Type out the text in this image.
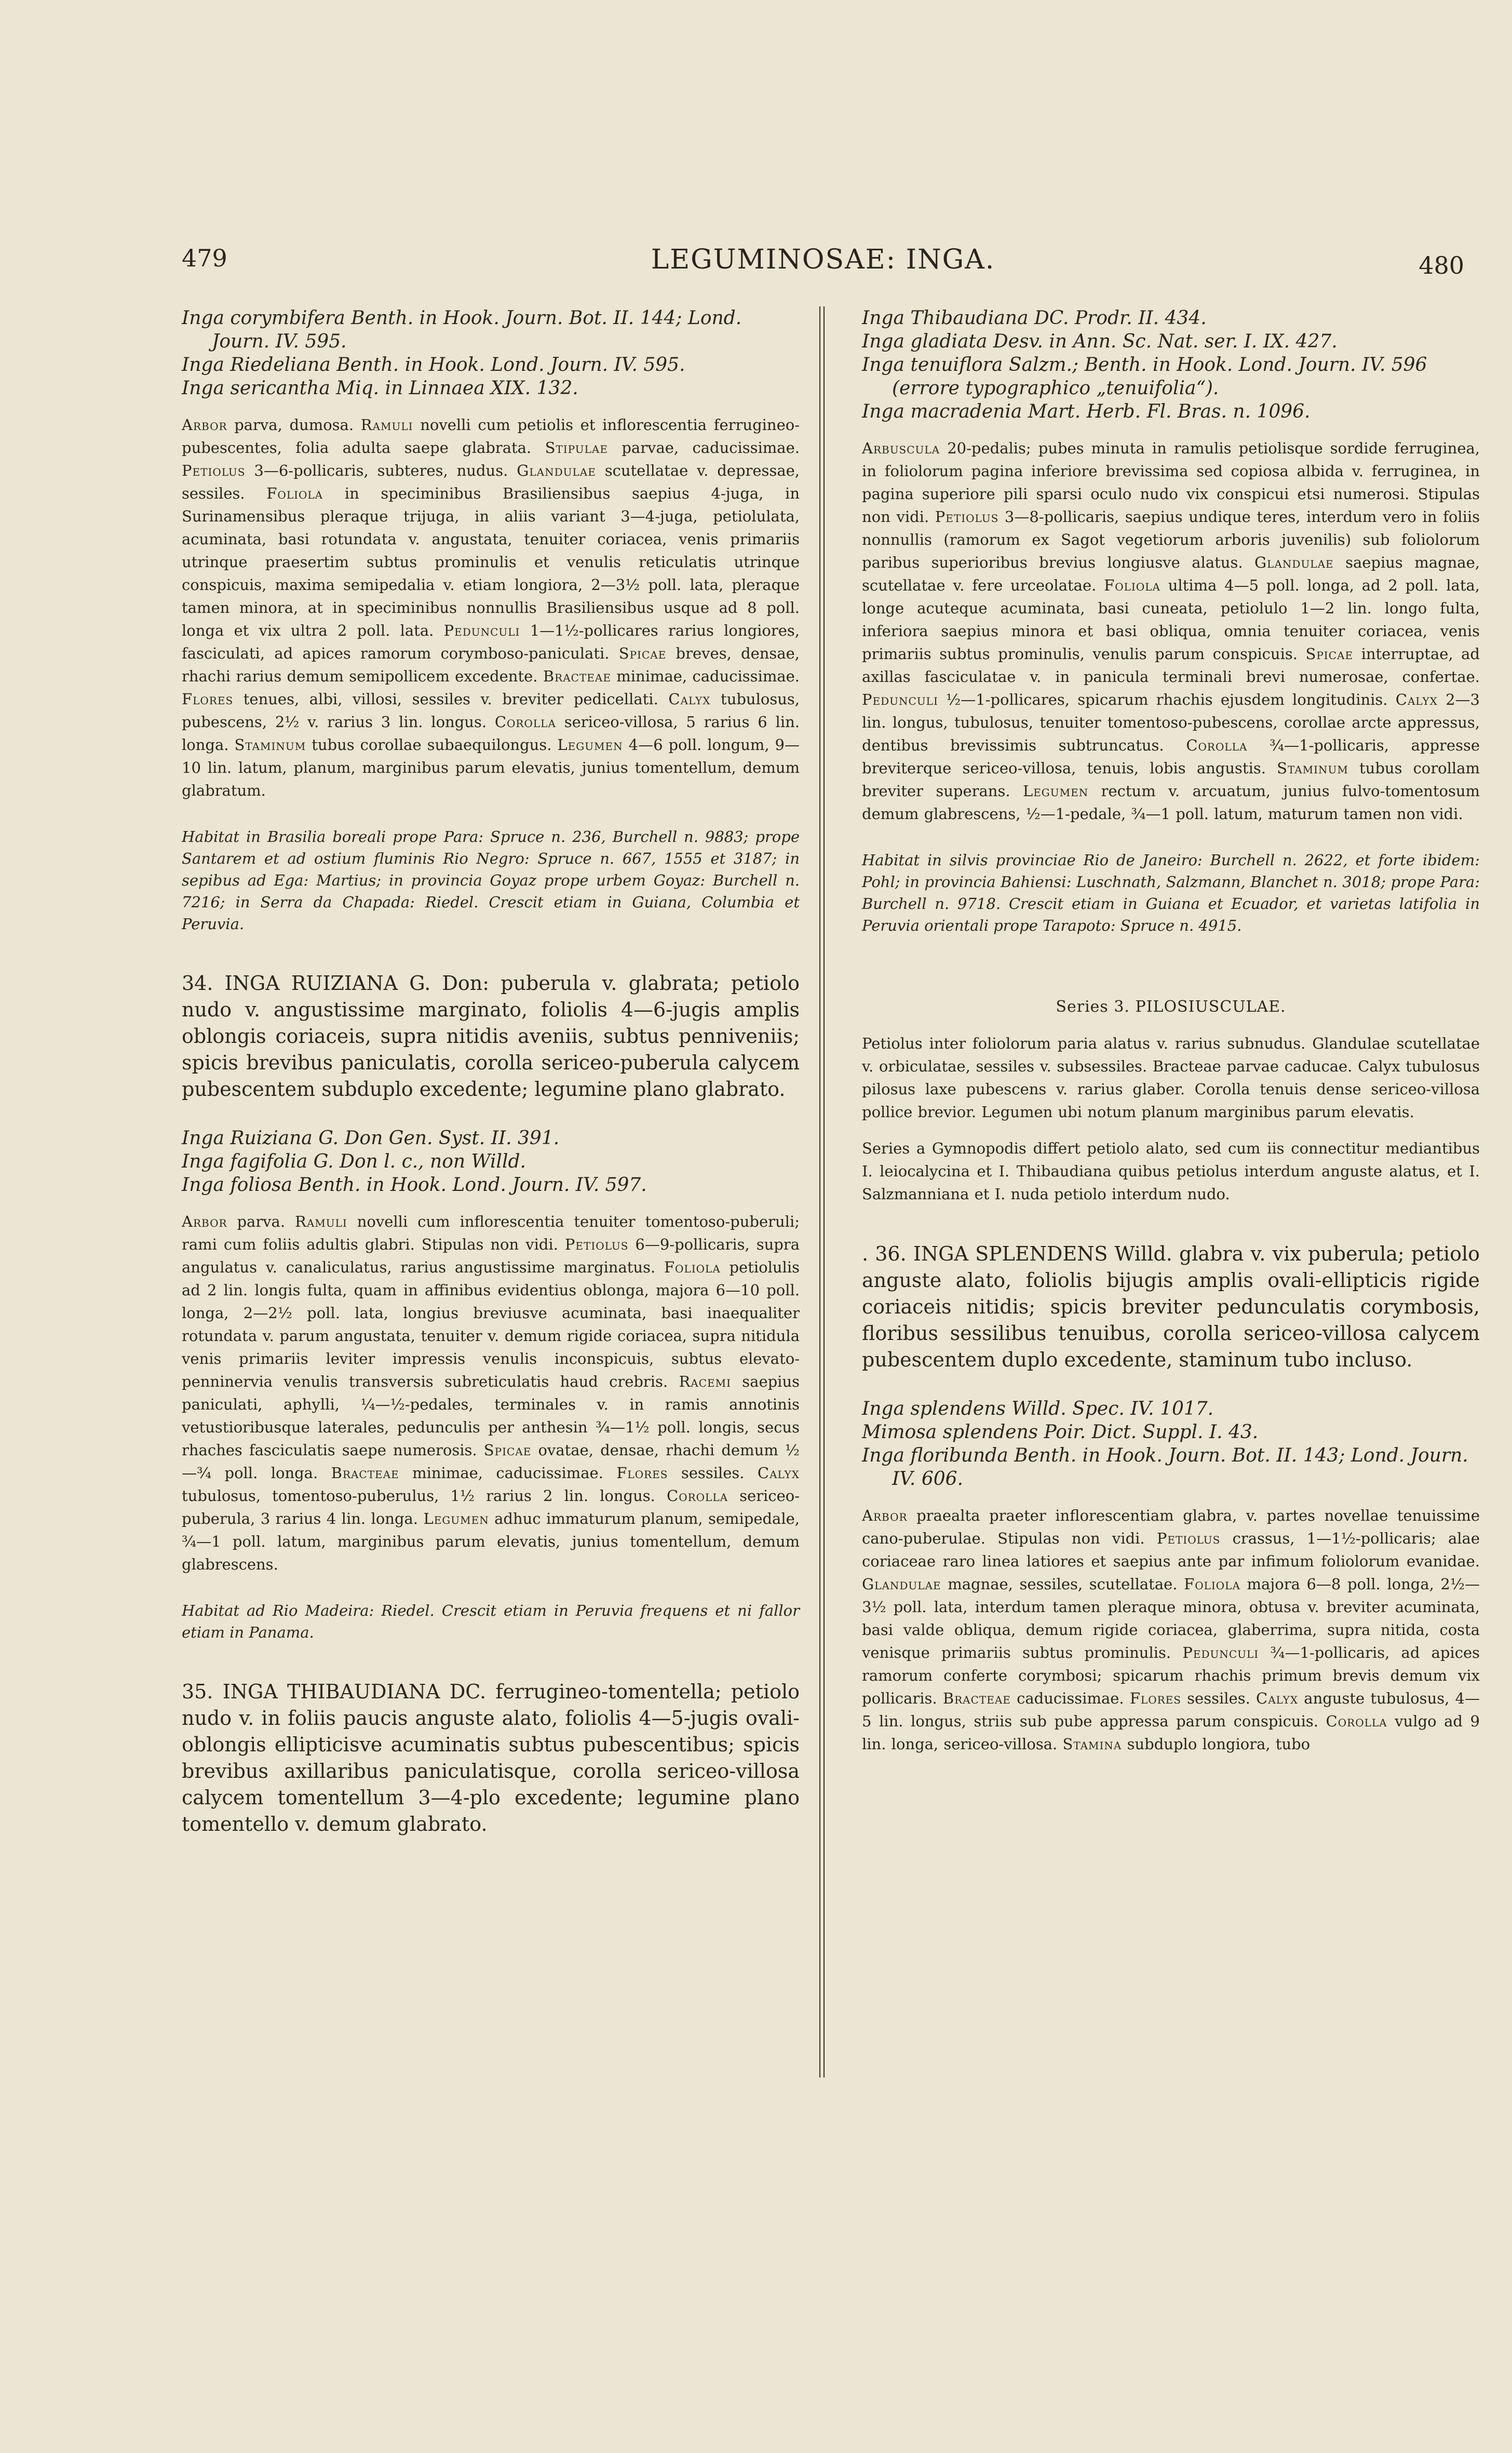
479	LEGUMINOSAE: INGA.	480
Inga corymbifera Benth. in Hook. Journ. Bot. II. 144; Lond. Journ. IV. 595.
Inga Riedeliana Benth. in Hook. Lond. Journ. IV. 595.
Inga sericantha Miq. in Linnaea XIX. 132.

Arbor parva, dumosa. Ramuli novelli cum petiolis et inflorescentia ferrugineo-pubescentes, folia adulta saepe glabrata. Stipulae parvae, caducissimae. Petiolus 3—6-pollicaris, subteres, nudus. Glandulae scutellatae v. depressae, sessiles. Foliola in speciminibus Brasiliensibus saepius 4-juga, in Surinamensibus pleraque trijuga, in aliis variant 3—4-juga, petiolulata, acuminata, basi rotundata v. angustata, tenuiter coriacea, venis primariis utrinque praesertim subtus prominulis et venulis reticulatis utrinque conspicuis, maxima semipedalia v. etiam longiora, 2—3½ poll. lata, pleraque tamen minora, at in speciminibus nonnullis Brasiliensibus usque ad 8 poll. longa et vix ultra 2 poll. lata. Pedunculi 1—1½-pollicares rarius longiores, fasciculati, ad apices ramorum corymboso-paniculati. Spicae breves, densae, rhachi rarius demum semipollicem excedente. Bracteae minimae, caducissimae. Flores tenues, albi, villosi, sessiles v. breviter pedicellati. Calyx tubulosus, pubescens, 2½ v. rarius 3 lin. longus. Corolla sericeo-villosa, 5 rarius 6 lin. longa. Staminum tubus corollae subaequilongus. Legumen 4—6 poll. longum, 9—10 lin. latum, planum, marginibus parum elevatis, junius tomentellum, demum glabratum.

Habitat in Brasilia boreali prope Para: Spruce n. 236, Burchell n. 9883; prope Santarem et ad ostium fluminis Rio Negro: Spruce n. 667, 1555 et 3187; in sepibus ad Ega: Martius; in provincia Goyaz prope urbem Goyaz: Burchell n. 7216; in Serra da Chapada: Riedel. Crescit etiam in Guiana, Columbia et Peruvia.

34. INGA RUIZIANA G. Don: puberula v. glabrata; petiolo nudo v. angustissime marginato, foliolis 4—6-jugis amplis oblongis coriaceis, supra nitidis aveniis, subtus penniveniis; spicis brevibus paniculatis, corolla sericeo-puberula calycem pubescentem subduplo excedente; legumine plano glabrato.

Inga Ruiziana G. Don Gen. Syst. II. 391.
Inga fagifolia G. Don l. c., non Willd.
Inga foliosa Benth. in Hook. Lond. Journ. IV. 597.

Arbor parva. Ramuli novelli cum inflorescentia tenuiter tomentoso-puberuli; rami cum foliis adultis glabri. Stipulas non vidi. Petiolus 6—9-pollicaris, supra angulatus v. canaliculatus, rarius angustissime marginatus. Foliola petiolulis ad 2 lin. longis fulta, quam in affinibus evidentius oblonga, majora 6—10 poll. longa, 2—2½ poll. lata, longius breviusve acuminata, basi inaequaliter rotundata v. parum angustata, tenuiter v. demum rigide coriacea, supra nitidula venis primariis leviter impressis venulis inconspicuis, subtus elevato-penninervia venulis transversis subreticulatis haud crebris. Racemi saepius paniculati, aphylli, ¼—½-pedales, terminales v. in ramis annotinis vetustioribusque laterales, pedunculis per anthesin ¾—1½ poll. longis, secus rhaches fasciculatis saepe numerosis. Spicae ovatae, densae, rhachi demum ½—¾ poll. longa. Bracteae minimae, caducissimae. Flores sessiles. Calyx tubulosus, tomentoso-puberulus, 1½ rarius 2 lin. longus. Corolla sericeo-puberula, 3 rarius 4 lin. longa. Legumen adhuc immaturum planum, semipedale, ¾—1 poll. latum, marginibus parum elevatis, junius tomentellum, demum glabrescens.

Habitat ad Rio Madeira: Riedel. Crescit etiam in Peruvia frequens et ni fallor etiam in Panama.

35. INGA THIBAUDIANA DC. ferrugineo-tomentella; petiolo nudo v. in foliis paucis anguste alato, foliolis 4—5-jugis ovali-oblongis ellipticisve acuminatis subtus pubescentibus; spicis brevibus axillaribus paniculatisque, corolla sericeo-villosa calycem tomentellum 3—4-plo excedente; legumine plano tomentello v. demum glabrato.

Inga Thibaudiana DC. Prodr. II. 434.
Inga gladiata Desv. in Ann. Sc. Nat. ser. I. IX. 427.
Inga tenuiflora Salzm.; Benth. in Hook. Lond. Journ. IV. 596 (errore typographico „tenuifolia“).
Inga macradenia Mart. Herb. Fl. Bras. n. 1096.

Arbuscula 20-pedalis; pubes minuta in ramulis petiolisque sordide ferruginea, in foliolorum pagina inferiore brevissima sed copiosa albida v. ferruginea, in pagina superiore pili sparsi oculo nudo vix conspicui etsi numerosi. Stipulas non vidi. Petiolus 3—8-pollicaris, saepius undique teres, interdum vero in foliis nonnullis (ramorum ex Sagot vegetiorum arboris juvenilis) sub foliolorum paribus superioribus brevius longiusve alatus. Glandulae saepius magnae, scutellatae v. fere urceolatae. Foliola ultima 4—5 poll. longa, ad 2 poll. lata, longe acuteque acuminata, basi cuneata, petiolulo 1—2 lin. longo fulta, inferiora saepius minora et basi obliqua, omnia tenuiter coriacea, venis primariis subtus prominulis, venulis parum conspicuis. Spicae interruptae, ad axillas fasciculatae v. in panicula terminali brevi numerosae, confertae. Pedunculi ½—1-pollicares, spicarum rhachis ejusdem longitudinis. Calyx 2—3 lin. longus, tubulosus, tenuiter tomentoso-pubescens, corollae arcte appressus, dentibus brevissimis subtruncatus. Corolla ¾—1-pollicaris, appresse breviterque sericeo-villosa, tenuis, lobis angustis. Staminum tubus corollam breviter superans. Legumen rectum v. arcuatum, junius fulvo-tomentosum demum glabrescens, ½—1-pedale, ¾—1 poll. latum, maturum tamen non vidi.

Habitat in silvis provinciae Rio de Janeiro: Burchell n. 2622, et forte ibidem: Pohl; in provincia Bahiensi: Luschnath, Salzmann, Blanchet n. 3018; prope Para: Burchell n. 9718. Crescit etiam in Guiana et Ecuador, et varietas latifolia in Peruvia orientali prope Tarapoto: Spruce n. 4915.

Series 3. PILOSIUSCULAE.

Petiolus inter foliolorum paria alatus v. rarius subnudus. Glandulae scutellatae v. orbiculatae, sessiles v. subsessiles. Bracteae parvae caducae. Calyx tubulosus pilosus laxe pubescens v. rarius glaber. Corolla tenuis dense sericeo-villosa pollice brevior. Legumen ubi notum planum marginibus parum elevatis.

Series a Gymnopodis differt petiolo alato, sed cum iis connectitur mediantibus I. leiocalycina et I. Thibaudiana quibus petiolus interdum anguste alatus, et I. Salzmanniana et I. nuda petiolo interdum nudo.

. 36. INGA SPLENDENS Willd. glabra v. vix puberula; petiolo anguste alato, foliolis bijugis amplis ovali-ellipticis rigide coriaceis nitidis; spicis breviter pedunculatis corymbosis, floribus sessilibus tenuibus, corolla sericeo-villosa calycem pubescentem duplo excedente, staminum tubo incluso.

Inga splendens Willd. Spec. IV. 1017.
Mimosa splendens Poir. Dict. Suppl. I. 43.
Inga floribunda Benth. in Hook. Journ. Bot. II. 143; Lond. Journ. IV. 606.

Arbor praealta praeter inflorescentiam glabra, v. partes novellae tenuissime cano-puberulae. Stipulas non vidi. Petiolus crassus, 1—1½-pollicaris; alae coriaceae raro lineа latiores et saepius ante par infimum foliolorum evanidae. Glandulae magnae, sessiles, scutellatae. Foliola majora 6—8 poll. longa, 2½—3½ poll. lata, interdum tamen pleraque minora, obtusa v. breviter acuminata, basi valde obliqua, demum rigide coriacea, glaberrima, supra nitida, costa venisque primariis subtus prominulis. Pedunculi ¾—1-pollicaris, ad apices ramorum conferte corymbosi; spicarum rhachis primum brevis demum vix pollicaris. Bracteae caducissimae. Flores sessiles. Calyx anguste tubulosus, 4—5 lin. longus, striis sub pube appressa parum conspicuis. Corolla vulgo ad 9 lin. longa, sericeo-villosa. Stamina subduplo longiora, tubo
